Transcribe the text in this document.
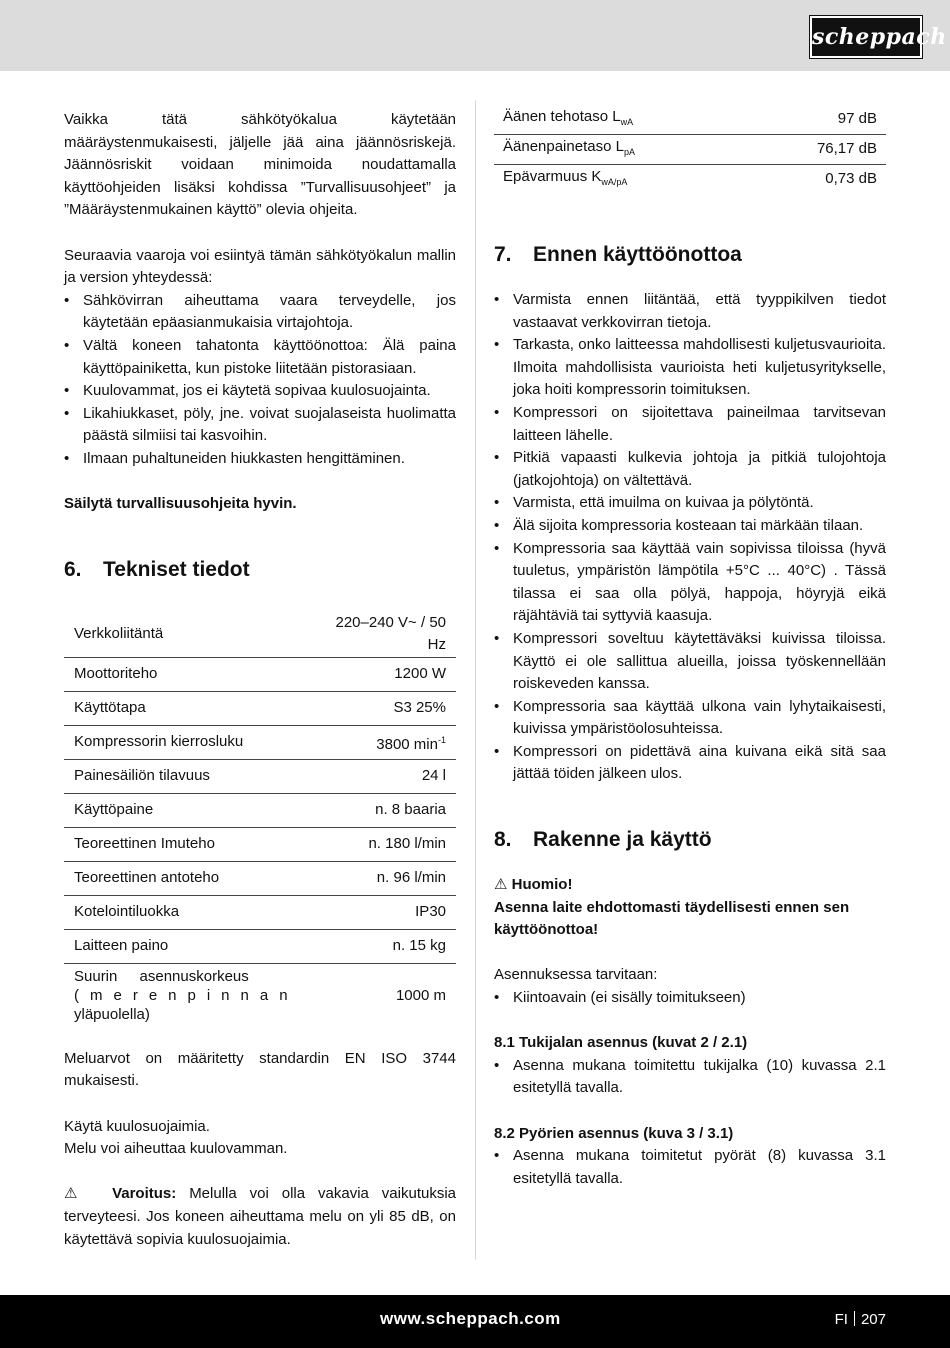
scheppach

Vaikka tätä sähkötyökalua käytetään määräystenmukaisesti, jäljelle jää aina jäännösriskejä. Jäännösriskit voidaan minimoida noudattamalla käyttöohjeiden lisäksi kohdissa ”Turvallisuusohjeet” ja ”Määräystenmukainen käyttö” olevia ohjeita.

Seuraavia vaaroja voi esiintyä tämän sähkötyökalun mallin ja version yhteydessä:

• Sähkövirran aiheuttama vaara terveydelle, jos käytetään epäasianmukaisia virtajohtoja.
• Vältä koneen tahatonta käyttöönottoa: Älä paina käyttöpainiketta, kun pistoke liitetään pistorasiaan.
• Kuulovammat, jos ei käytetä sopivaa kuulosuojainta.
• Likahiukkaset, pöly, jne. voivat suojalaseista huolimatta päästä silmiisi tai kasvoihin.
• Ilmaan puhaltuneiden hiukkasten hengittäminen.

Säilytä turvallisuusohjeita hyvin.

6. Tekniset tiedot
Verkkoliitäntä	220–240 V~ / 50 Hz
Moottoriteho	1200 W
Käyttötapa	S3 25%
Kompressorin kierrosluku	3800 $\min^{-1}$
Painesäiliön tilavuus	24 l
Käyttöpaine	n. 8 baaria
Teoreettinen Imuteho	n. 180 l/min
Teoreettinen antoteho	n. 96 l/min
Kotelointiluokka	IP30
Laitteen paino	n. 15 kg

Suurin asennuskorkeus
(merenpinnan
yläpuolella)	1000 m

Meluarvot on määritetty standardin EN ISO 3744 mukaisesti.

Käytä kuulosuojaimia.

Melu voi aiheuttaa kuulovamman.

⚠ Varoitus: Melulla voi olla vakavia vaikutuksia terveyteesi. Jos koneen aiheuttama melu on yli 85 dB, on käytettävä sopivia kuulosuojaimia.

Äänen tehotaso $L_{wA}$	97 dB
Äänenpainetaso $L_{pA}$	76,17 dB
Epävarmuus $K_{wA/pA}$	0,73 dB
7. Ennen käyttöönottoa
• Varmista ennen liitäntää, että tyyppikilven tiedot vastaavat verkkovirran tietoja.
• Tarkasta, onko laitteessa mahdollisesti kuljetusvaurioita. Ilmoita mahdollisista vaurioista heti kuljetusyritykselle, joka hoiti kompressorin toimituksen.
• Kompressori on sijoitettava paineilmaa tarvitsevan laitteen lähelle.
• Pitkiä vapaasti kulkevia johtoja ja pitkiä tulojohtoja (jatkojohtoja) on vältettävä.
• Varmista, että imuilma on kuivaa ja pölytöntä.
• Älä sijoita kompressoria kosteaan tai märkään tilaan.
• Kompressoria saa käyttää vain sopivissa tiloissa (hyvä tuuletus, ympäristön lämpötila +5°C ... 40°C) . Tässä tilassa ei saa olla pölyä, happoja, höyryjä eikä räjähtäviä tai syttyviä kaasuja.
• Kompressori soveltuu käytettäväksi kuivissa tiloissa. Käyttö ei ole sallittua alueilla, joissa työskennellään roiskeveden kanssa.
• Kompressoria saa käyttää ulkona vain lyhytaikaisesti, kuivissa ympäristöolosuhteissa.
• Kompressori on pidettävä aina kuivana eikä sitä saa jättää töiden jälkeen ulos.
8. Rakenne ja käyttö

⚠ Huomio!

Asenna laite ehdottomasti täydellisesti ennen sen käyttöönottoa!

Asennuksessa tarvitaan:

• Kiintoavain (ei sisälly toimitukseen)

8.1 Tukijalan asennus (kuvat 2 / 2.1)

• Asenna mukana toimitettu tukijalka (10) kuvassa 2.1 esitetyllä tavalla.

8.2 Pyörien asennus (kuva 3 / 3.1)

• Asenna mukana toimitetut pyörät (8) kuvassa 3.1 esitetyllä tavalla.
www.scheppach.com	FI 207
